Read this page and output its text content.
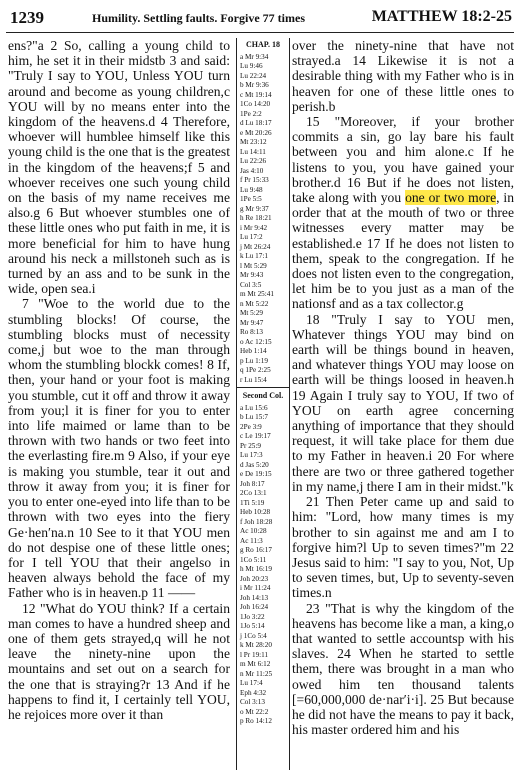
1239	Humility. Settling faults. Forgive 77 times	MATTHEW 18:2-25

ens?"a 2 So, calling a young child to him, he set it in their midstb 3 and said: "Truly I say to YOU, Unless YOU turn around and become as young children,c YOU will by no means enter into the kingdom of the heavens.d 4 Therefore, whoever will humblee himself like this young child is the one that is the greatest in the kingdom of the heavens;f 5 and whoever receives one such young child on the basis of my name receives me also.g 6 But whoever stumbles one of these little ones who put faith in me, it is more beneficial for him to have hung around his neck a millstoneh such as is turned by an ass and to be sunk in the wide, open sea.i

7 "Woe to the world due to the stumbling blocks! Of course, the stumbling blocks must of necessity come,j but woe to the man through whom the stumbling blockk comes! 8 If, then, your hand or your foot is making you stumble, cut it off and throw it away from you;l it is finer for you to enter into life maimed or lame than to be thrown with two hands or two feet into the everlasting fire.m 9 Also, if your eye is making you stumble, tear it out and throw it away from you; it is finer for you to enter one-eyed into life than to be thrown with two eyes into the fiery Ge·hen′na.n 10 See to it that YOU men do not despise one of these little ones; for I tell YOU that their angelso in heaven always behold the face of my Father who is in heaven.p 11 ——

12 "What do YOU think? If a certain man comes to have a hundred sheep and one of them gets strayed,q will he not leave the ninety-nine upon the mountains and set out on a search for the one that is straying?r 13 And if he happens to find it, I certainly tell YOU, he rejoices more over it than

CHAP. 18
a Mr 9:34
Lu 9:46
Lu 22:24
b Mr 9:36
c Mt 19:14
1Co 14:20
1Pe 2:2
d Lu 18:17
e Mt 20:26
Mt 23:12
Lu 14:11
Lu 22:26
Jas 4:10
f Pr 15:33
Lu 9:48
1Pe 5:5
g Mr 9:37
h Re 18:21
i Mr 9:42
Lu 17:2
j Mt 26:24
k Lu 17:1
l Mt 5:29
Mr 9:43
Col 3:5
m Mt 25:41
n Mt 5:22
Mt 5:29
Mr 9:47
Ro 8:13
o Ac 12:15
Heb 1:14
p Lu 1:19
q 1Pe 2:25
r Lu 15:4
Second Col.
a Lu 15:6
b Lu 15:7
2Pe 3:9
c Le 19:17
Pr 25:9
Lu 17:3
d Jas 5:20
e De 19:15
Joh 8:17
2Co 13:1
1Ti 5:19
Heb 10:28
f Joh 18:28
Ac 10:28
Ac 11:3
g Ro 16:17
1Co 5:11
h Mt 16:19
Joh 20:23
i Mr 11:24
Joh 14:13
Joh 16:24
1Jo 3:22
1Jo 5:14
j 1Co 5:4
k Mt 28:20
l Pr 19:11
m Mt 6:12
n Mr 11:25
Lu 17:4
Eph 4:32
Col 3:13
o Mt 22:2
p Ro 14:12

over the ninety-nine that have not strayed.a 14 Likewise it is not a desirable thing with my Father who is in heaven for one of these little ones to perish.b

15 "Moreover, if your brother commits a sin, go lay bare his fault between you and him alone.c If he listens to you, you have gained your brother.d 16 But if he does not listen, take along with you one or two more, in order that at the mouth of two or three witnesses every matter may be established.e 17 If he does not listen to them, speak to the congregation. If he does not listen even to the congregation, let him be to you just as a man of the nationsf and as a tax collector.g

18 "Truly I say to YOU men, Whatever things YOU may bind on earth will be things bound in heaven, and whatever things YOU may loose on earth will be things loosed in heaven.h 19 Again I truly say to YOU, If two of YOU on earth agree concerning anything of importance that they should request, it will take place for them due to my Father in heaven.i 20 For where there are two or three gathered together in my name,j there I am in their midst."k

21 Then Peter came up and said to him: "Lord, how many times is my brother to sin against me and am I to forgive him?l Up to seven times?"m 22 Jesus said to him: "I say to you, Not, Up to seven times, but, Up to seventy-seven times.n

23 "That is why the kingdom of the heavens has become like a man, a king,o that wanted to settle accountsp with his slaves. 24 When he started to settle them, there was brought in a man who owed him ten thousand talents [=60,000,000 de·nar′i·i]. 25 But because he did not have the means to pay it back, his master ordered him and his
